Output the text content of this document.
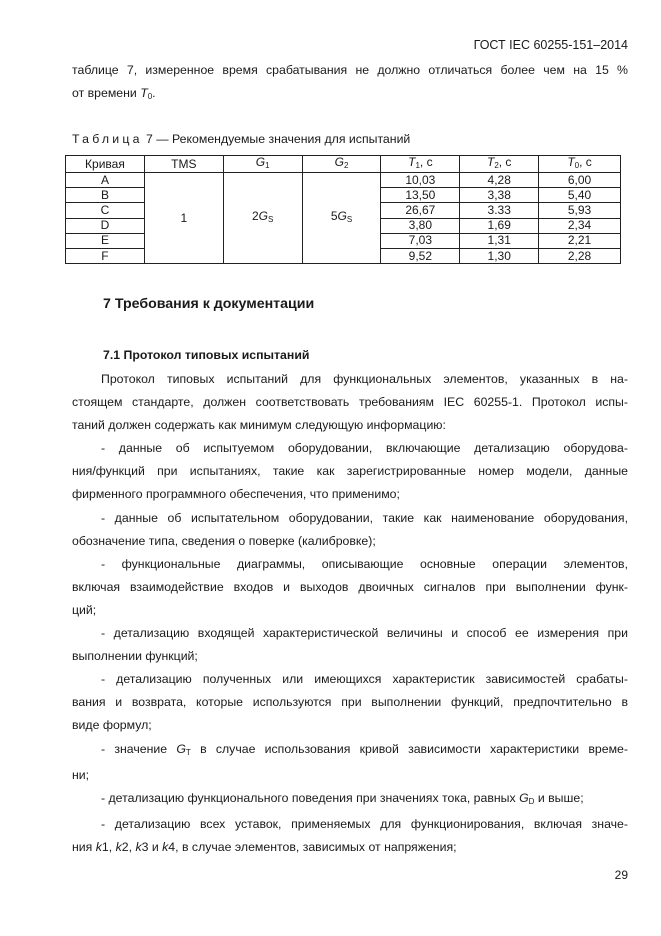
ГОСТ IEC 60255-151–2014
таблице 7, измеренное время срабатывания не должно отличаться более чем на 15 %
от времени $T_0$.
Таблица 7 — Рекомендуемые значения для испытаний
Кривая	TMS	$G_1$	$G_2$	$T_1$, с	$T_2$, с	$T_0$, с
A	1	$2G_S$	$5G_S$	10,03	4,28	6,00
B				13,50	3,38	5,40
C				26,67	3.33	5,93
D				3,80	1,69	2,34
E				7,03	1,31	2,21
F				9,52	1,30	2,28
7 Требования к документации
7.1 Протокол типовых испытаний
Протокол типовых испытаний для функциональных элементов, указанных в на-
стоящем стандарте, должен соответствовать требованиям IEC 60255-1. Протокол испы-
таний должен содержать как минимум следующую информацию:
- данные об испытуемом оборудовании, включающие детализацию оборудова-
ния/функций при испытаниях, такие как зарегистрированные номер модели, данные
фирменного программного обеспечения, что применимо;
- данные об испытательном оборудовании, такие как наименование оборудования,
обозначение типа, сведения о поверке (калибровке);
- функциональные диаграммы, описывающие основные операции элементов,
включая взаимодействие входов и выходов двоичных сигналов при выполнении функ-
ций;
- детализацию входящей характеристической величины и способ ее измерения при
выполнении функций;
- детализацию полученных или имеющихся характеристик зависимостей срабаты-
вания и возврата, которые используются при выполнении функций, предпочтительно в
виде формул;
- значение $G_T$ в случае использования кривой зависимости характеристики време-
ни;
- детализацию функционального поведения при значениях тока, равных $G_D$ и выше;
- детализацию всех уставок, применяемых для функционирования, включая значе-
ния k1, k2, k3 и k4, в случае элементов, зависимых от напряжения;
29
